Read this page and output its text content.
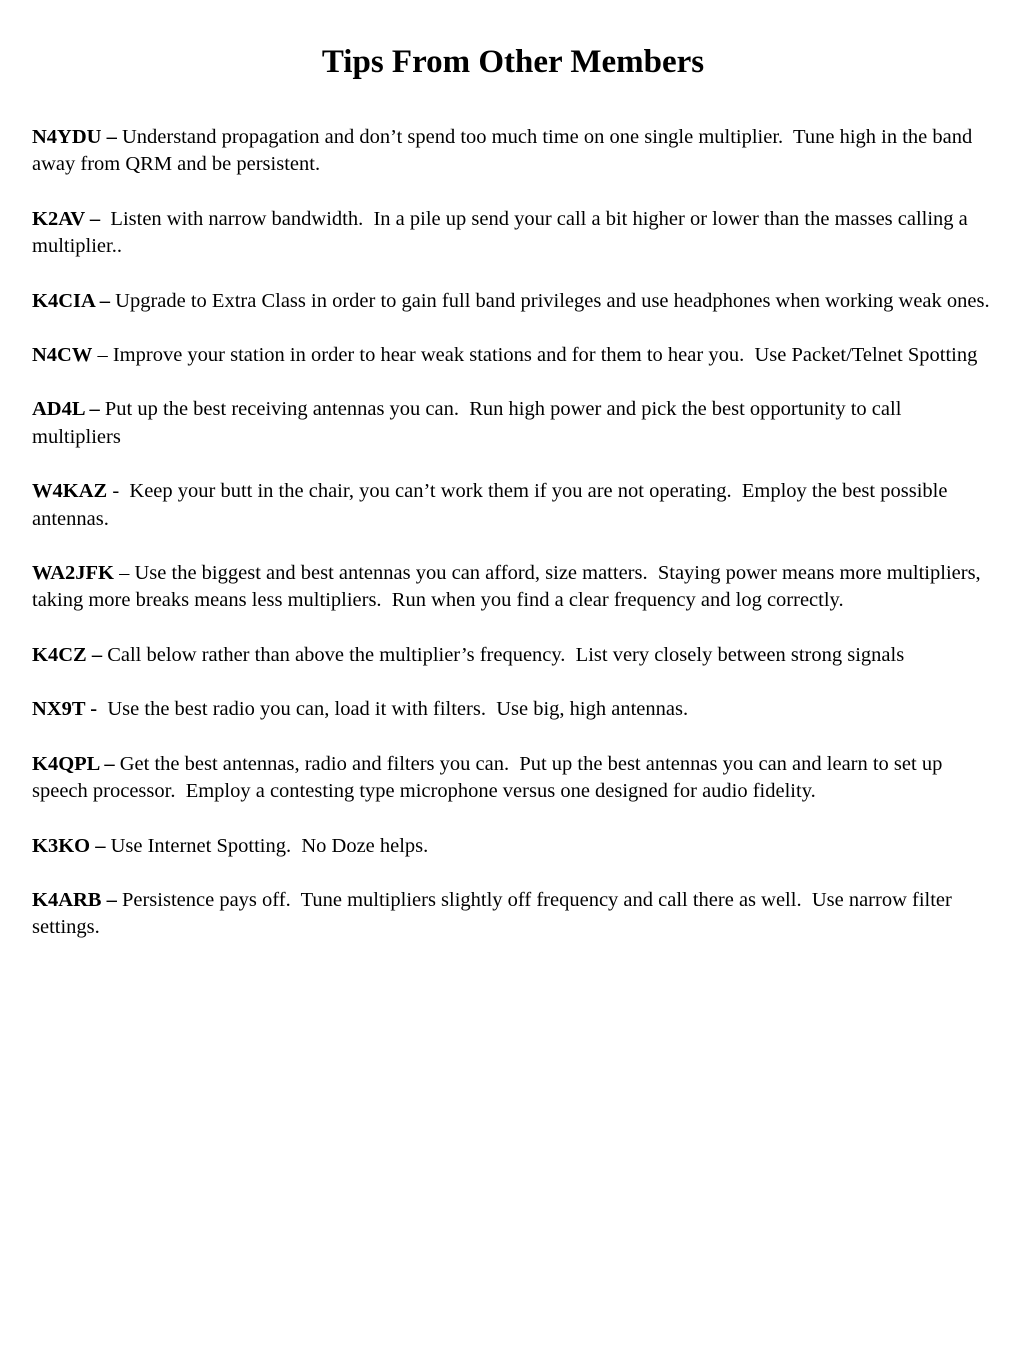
Tips From Other Members

N4YDU – Understand propagation and don’t spend too much time on one single multiplier.  Tune high in the band away from QRM and be persistent.

K2AV –  Listen with narrow bandwidth.  In a pile up send your call a bit higher or lower than the masses calling a multiplier..

K4CIA – Upgrade to Extra Class in order to gain full band privileges and use headphones when working weak ones.

N4CW – Improve your station in order to hear weak stations and for them to hear you.  Use Packet/Telnet Spotting

AD4L – Put up the best receiving antennas you can.  Run high power and pick the best opportunity to call multipliers

W4KAZ -  Keep your butt in the chair, you can’t work them if you are not operating.  Employ the best possible antennas.

WA2JFK – Use the biggest and best antennas you can afford, size matters.  Staying power means more multipliers, taking more breaks means less multipliers.  Run when you find a clear frequency and log correctly.

K4CZ – Call below rather than above the multiplier’s frequency.  List very closely between strong signals

NX9T -  Use the best radio you can, load it with filters.  Use big, high antennas.

K4QPL – Get the best antennas, radio and filters you can.  Put up the best antennas you can and learn to set up speech processor.  Employ a contesting type microphone versus one designed for audio fidelity.

K3KO – Use Internet Spotting.  No Doze helps.

K4ARB – Persistence pays off.  Tune multipliers slightly off frequency and call there as well.  Use narrow filter settings.
